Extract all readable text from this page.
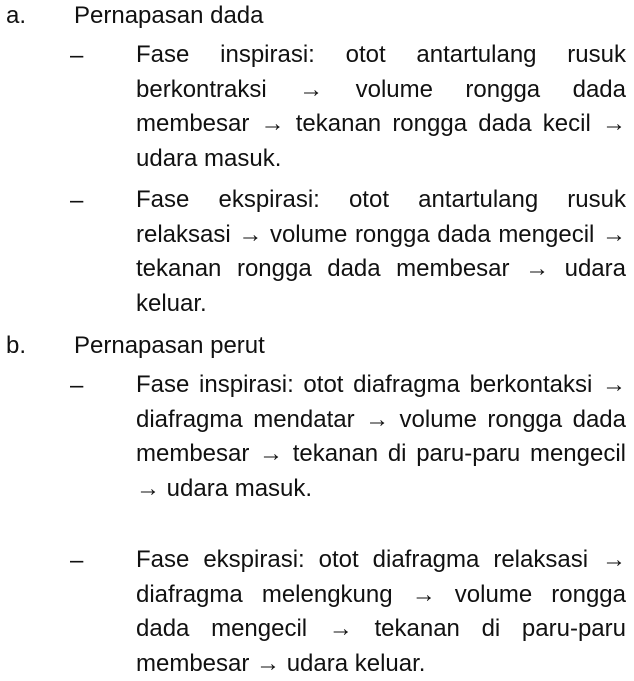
a. Pernapasan dada
– Fase inspirasi: otot antartulang rusuk berkontraksi → volume rongga dada membesar → tekanan rongga dada kecil → udara masuk.
– Fase ekspirasi: otot antartulang rusuk relaksasi → volume rongga dada mengecil → tekanan rongga dada membesar → udara keluar.
b. Pernapasan perut
– Fase inspirasi: otot diafragma berkontaksi → diafragma mendatar → volume rongga dada membesar → tekanan di paru-paru mengecil → udara masuk.
– Fase ekspirasi: otot diafragma relaksasi → diafragma melengkung → volume rongga dada mengecil → tekanan di paru-paru membesar → udara keluar.
